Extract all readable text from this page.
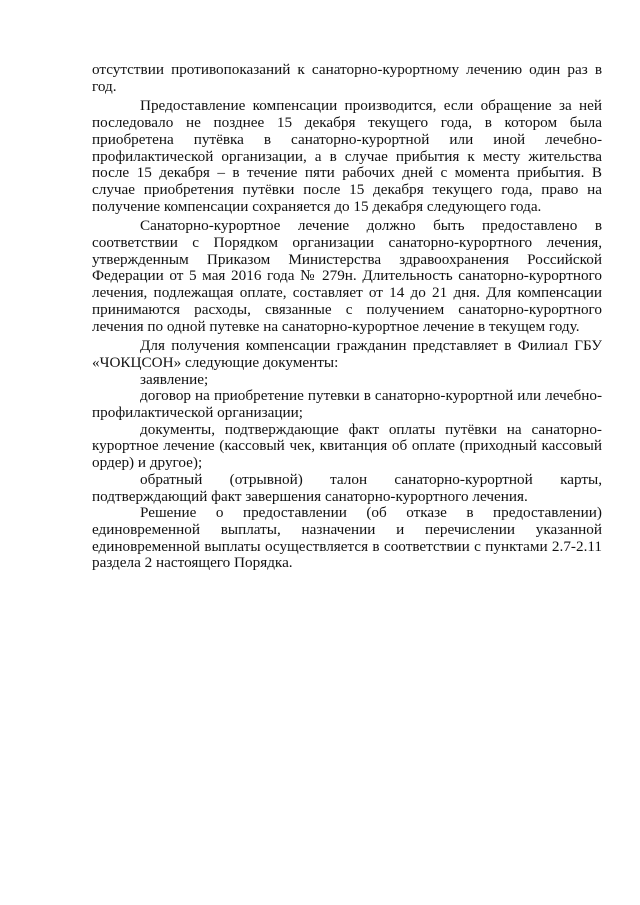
отсутствии противопоказаний к санаторно-курортному лечению один раз в год.

Предоставление компенсации производится, если обращение за ней последовало не позднее 15 декабря текущего года, в котором была приобретена путёвка в санаторно-курортной или иной лечебно-профилактической организации, а в случае прибытия к месту жительства после 15 декабря – в течение пяти рабочих дней с момента прибытия. В случае приобретения путёвки после 15 декабря текущего года, право на получение компенсации сохраняется до 15 декабря следующего года.

Санаторно-курортное лечение должно быть предоставлено в соответствии с Порядком организации санаторно-курортного лечения, утвержденным Приказом Министерства здравоохранения Российской Федерации от 5 мая 2016 года № 279н. Длительность санаторно-курортного лечения, подлежащая оплате, составляет от 14 до 21 дня. Для компенсации принимаются расходы, связанные с получением санаторно-курортного лечения по одной путевке на санаторно-курортное лечение в текущем году.

Для получения компенсации гражданин представляет в Филиал ГБУ «ЧОКЦСОН» следующие документы:

заявление;

договор на приобретение путевки в санаторно-курортной или лечебно-профилактической организации;

документы, подтверждающие факт оплаты путёвки на санаторно-курортное лечение (кассовый чек, квитанция об оплате (приходный кассовый ордер) и другое);

обратный (отрывной) талон санаторно-курортной карты, подтверждающий факт завершения санаторно-курортного лечения.

Решение о предоставлении (об отказе в предоставлении) единовременной выплаты, назначении и перечислении указанной единовременной выплаты осуществляется в соответствии с пунктами 2.7-2.11 раздела 2 настоящего Порядка.
